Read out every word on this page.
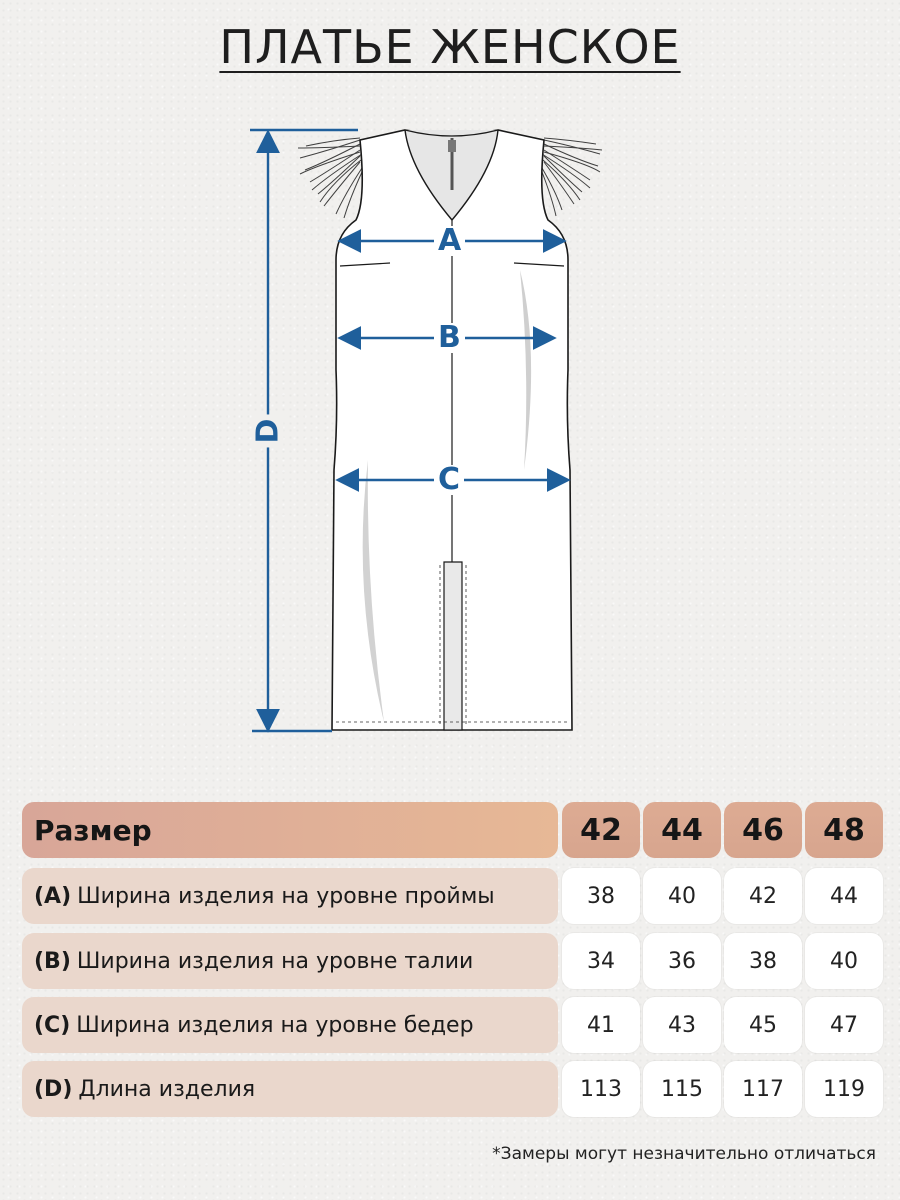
ПЛАТЬЕ ЖЕНСКОЕ
A
B
C
D
Размер	42	44	46	48
(A) Ширина изделия на уровне проймы	38	40	42	44
(B) Ширина изделия на уровне талии	34	36	38	40
(C) Ширина изделия на уровне бедер	41	43	45	47
(D) Длина изделия	113	115	117	119
*Замеры могут незначительно отличаться
